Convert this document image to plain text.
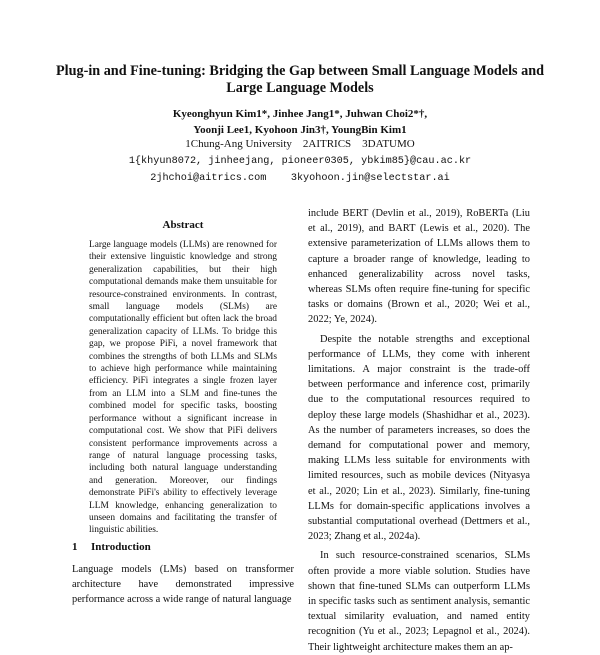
Plug-in and Fine-tuning: Bridging the Gap between Small Language Models and Large Language Models
Kyeonghyun Kim1*, Jinhee Jang1*, Juhwan Choi2*†,
Yoonji Lee1, Kyohoon Jin3†, YoungBin Kim1
1Chung-Ang University    2AITRICS    3DATUMO
1{khyun8072, jinheejang, pioneer0305, ybkim85}@cau.ac.kr
2jhchoi@aitrics.com    3kyohoon.jin@selectstar.ai
Abstract
Large language models (LLMs) are renowned for their extensive linguistic knowledge and strong generalization capabilities, but their high computational demands make them unsuitable for resource-constrained environments. In contrast, small language models (SLMs) are computationally efficient but often lack the broad generalization capacity of LLMs. To bridge this gap, we propose PiFi, a novel framework that combines the strengths of both LLMs and SLMs to achieve high performance while maintaining efficiency. PiFi integrates a single frozen layer from an LLM into a SLM and fine-tunes the combined model for specific tasks, boosting performance without a significant increase in computational cost. We show that PiFi delivers consistent performance improvements across a range of natural language processing tasks, including both natural language understanding and generation. Moreover, our findings demonstrate PiFi's ability to effectively leverage LLM knowledge, enhancing generalization to unseen domains and facilitating the transfer of linguistic abilities.
1 Introduction
Language models (LMs) based on transformer architecture have demonstrated impressive performance across a wide range of natural language

include BERT (Devlin et al., 2019), RoBERTa (Liu et al., 2019), and BART (Lewis et al., 2020). The extensive parameterization of LLMs allows them to capture a broader range of knowledge, leading to enhanced generalizability across novel tasks, whereas SLMs often require fine-tuning for specific tasks or domains (Brown et al., 2020; Wei et al., 2022; Ye, 2024).

Despite the notable strengths and exceptional performance of LLMs, they come with inherent limitations. A major constraint is the trade-off between performance and inference cost, primarily due to the computational resources required to deploy these large models (Shashidhar et al., 2023). As the number of parameters increases, so does the demand for computational power and memory, making LLMs less suitable for environments with limited resources, such as mobile devices (Nityasya et al., 2020; Lin et al., 2023). Similarly, fine-tuning LLMs for domain-specific applications involves a substantial computational overhead (Dettmers et al., 2023; Zhang et al., 2024a).

In such resource-constrained scenarios, SLMs often provide a more viable solution. Studies have shown that fine-tuned SLMs can outperform LLMs in specific tasks such as sentiment analysis, semantic textual similarity evaluation, and named entity recognition (Yu et al., 2023; Lepagnol et al., 2024). Their lightweight architecture makes them an ap-
